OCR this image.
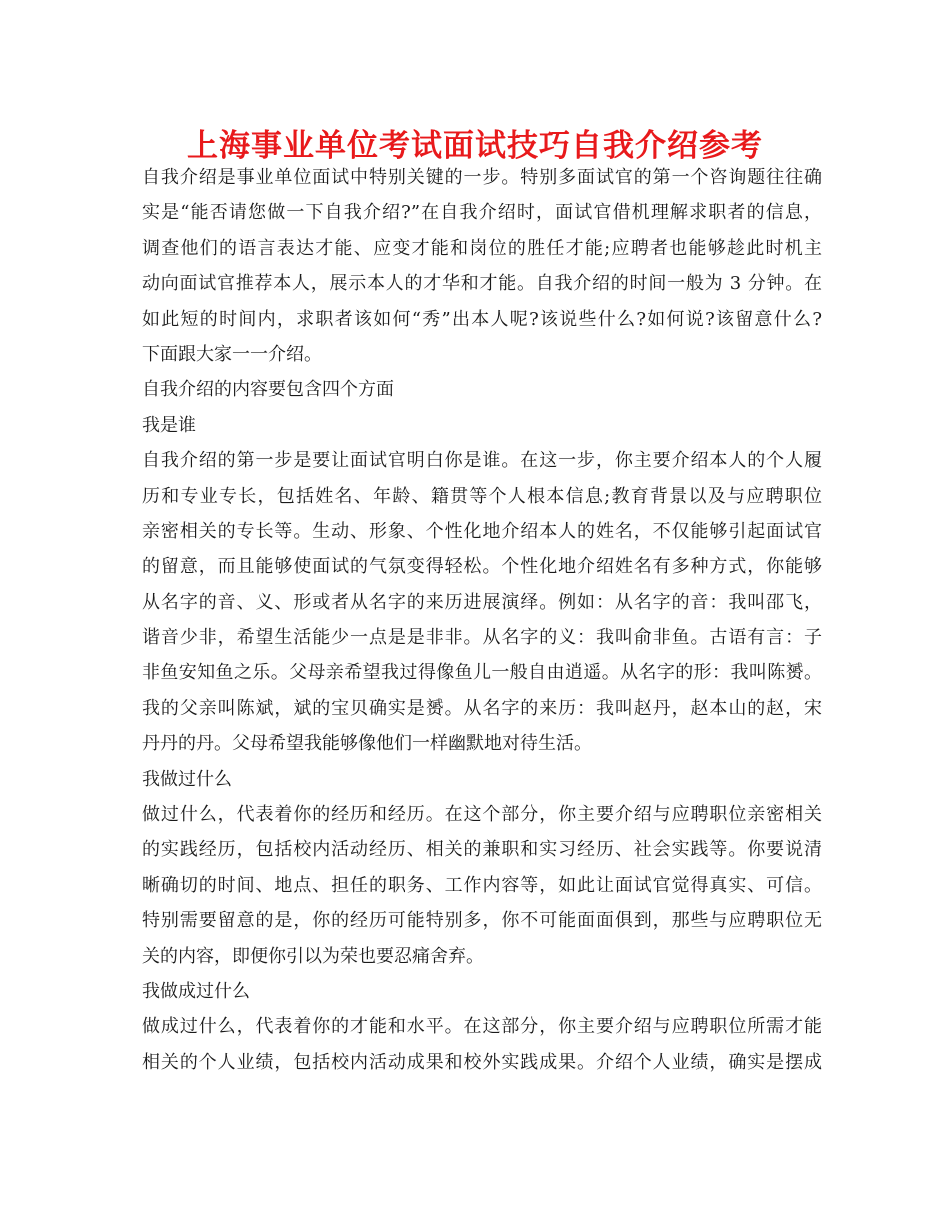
上海事业单位考试面试技巧自我介绍参考

自我介绍是事业单位面试中特别关键的一步。特别多面试官的第一个咨询题往往确

实是“能否请您做一下自我介绍?”在自我介绍时，面试官借机理解求职者的信息，

调查他们的语言表达才能、应变才能和岗位的胜任才能;应聘者也能够趁此时机主

动向面试官推荐本人，展示本人的才华和才能。自我介绍的时间一般为 3 分钟。在

如此短的时间内，求职者该如何“秀”出本人呢?该说些什么?如何说?该留意什么?

下面跟大家一一介绍。

自我介绍的内容要包含四个方面

我是谁

自我介绍的第一步是要让面试官明白你是谁。在这一步，你主要介绍本人的个人履

历和专业专长，包括姓名、年龄、籍贯等个人根本信息;教育背景以及与应聘职位

亲密相关的专长等。生动、形象、个性化地介绍本人的姓名，不仅能够引起面试官

的留意，而且能够使面试的气氛变得轻松。个性化地介绍姓名有多种方式，你能够

从名字的音、义、形或者从名字的来历进展演绎。例如：从名字的音：我叫邵飞，

谐音少非，希望生活能少一点是是非非。从名字的义：我叫俞非鱼。古语有言：子

非鱼安知鱼之乐。父母亲希望我过得像鱼儿一般自由逍遥。从名字的形：我叫陈赟。

我的父亲叫陈斌，斌的宝贝确实是赟。从名字的来历：我叫赵丹，赵本山的赵，宋

丹丹的丹。父母希望我能够像他们一样幽默地对待生活。

我做过什么

做过什么，代表着你的经历和经历。在这个部分，你主要介绍与应聘职位亲密相关

的实践经历，包括校内活动经历、相关的兼职和实习经历、社会实践等。你要说清

晰确切的时间、地点、担任的职务、工作内容等，如此让面试官觉得真实、可信。

特别需要留意的是，你的经历可能特别多，你不可能面面俱到，那些与应聘职位无

关的内容，即便你引以为荣也要忍痛舍弃。

我做成过什么

做成过什么，代表着你的才能和水平。在这部分，你主要介绍与应聘职位所需才能

相关的个人业绩，包括校内活动成果和校外实践成果。介绍个人业绩，确实是摆成
